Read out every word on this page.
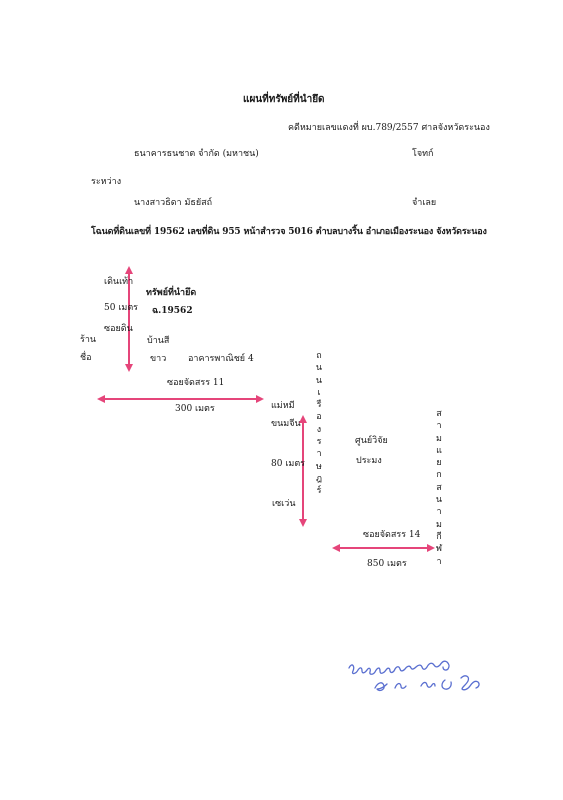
แผนที่ทรัพย์ที่นำยึด
คดีหมายเลขแดงที่ ผบ.789/2557 ศาลจังหวัดระนอง
ธนาคารธนชาต จำกัด (มหาชน)	โจทก์
ระหว่าง
นางสาวธิดา มัธยัสถ์	จำเลย
โฉนดที่ดินเลขที่ 19562 เลขที่ดิน 955 หน้าสำรวจ 5016 ตำบลบางริ้น อำเภอเมืองระนอง จังหวัดระนอง
เดินเท้า
ทรัพย์ที่นำยึด
50 เมตร ฉ.19562
ซอยดิน
บ้านสี
ขาว อาคารพาณิชย์ 4
ร้าน
ชื่อ
ซอยจัดสรร 11
300 เมตร	แม่หมี
ขนมจีน
80 เมตร
เซเว่น
ถ
น
น
เ
รื
อ
ง
ร
า
ษ
ฎ
ร์
ศูนย์วิจัย
ประมง
ส
า
ม
แ
ย
ก
ส
น
า
ม
กี
ฬ
า
ซอยจัดสรร 14
850 เมตร
